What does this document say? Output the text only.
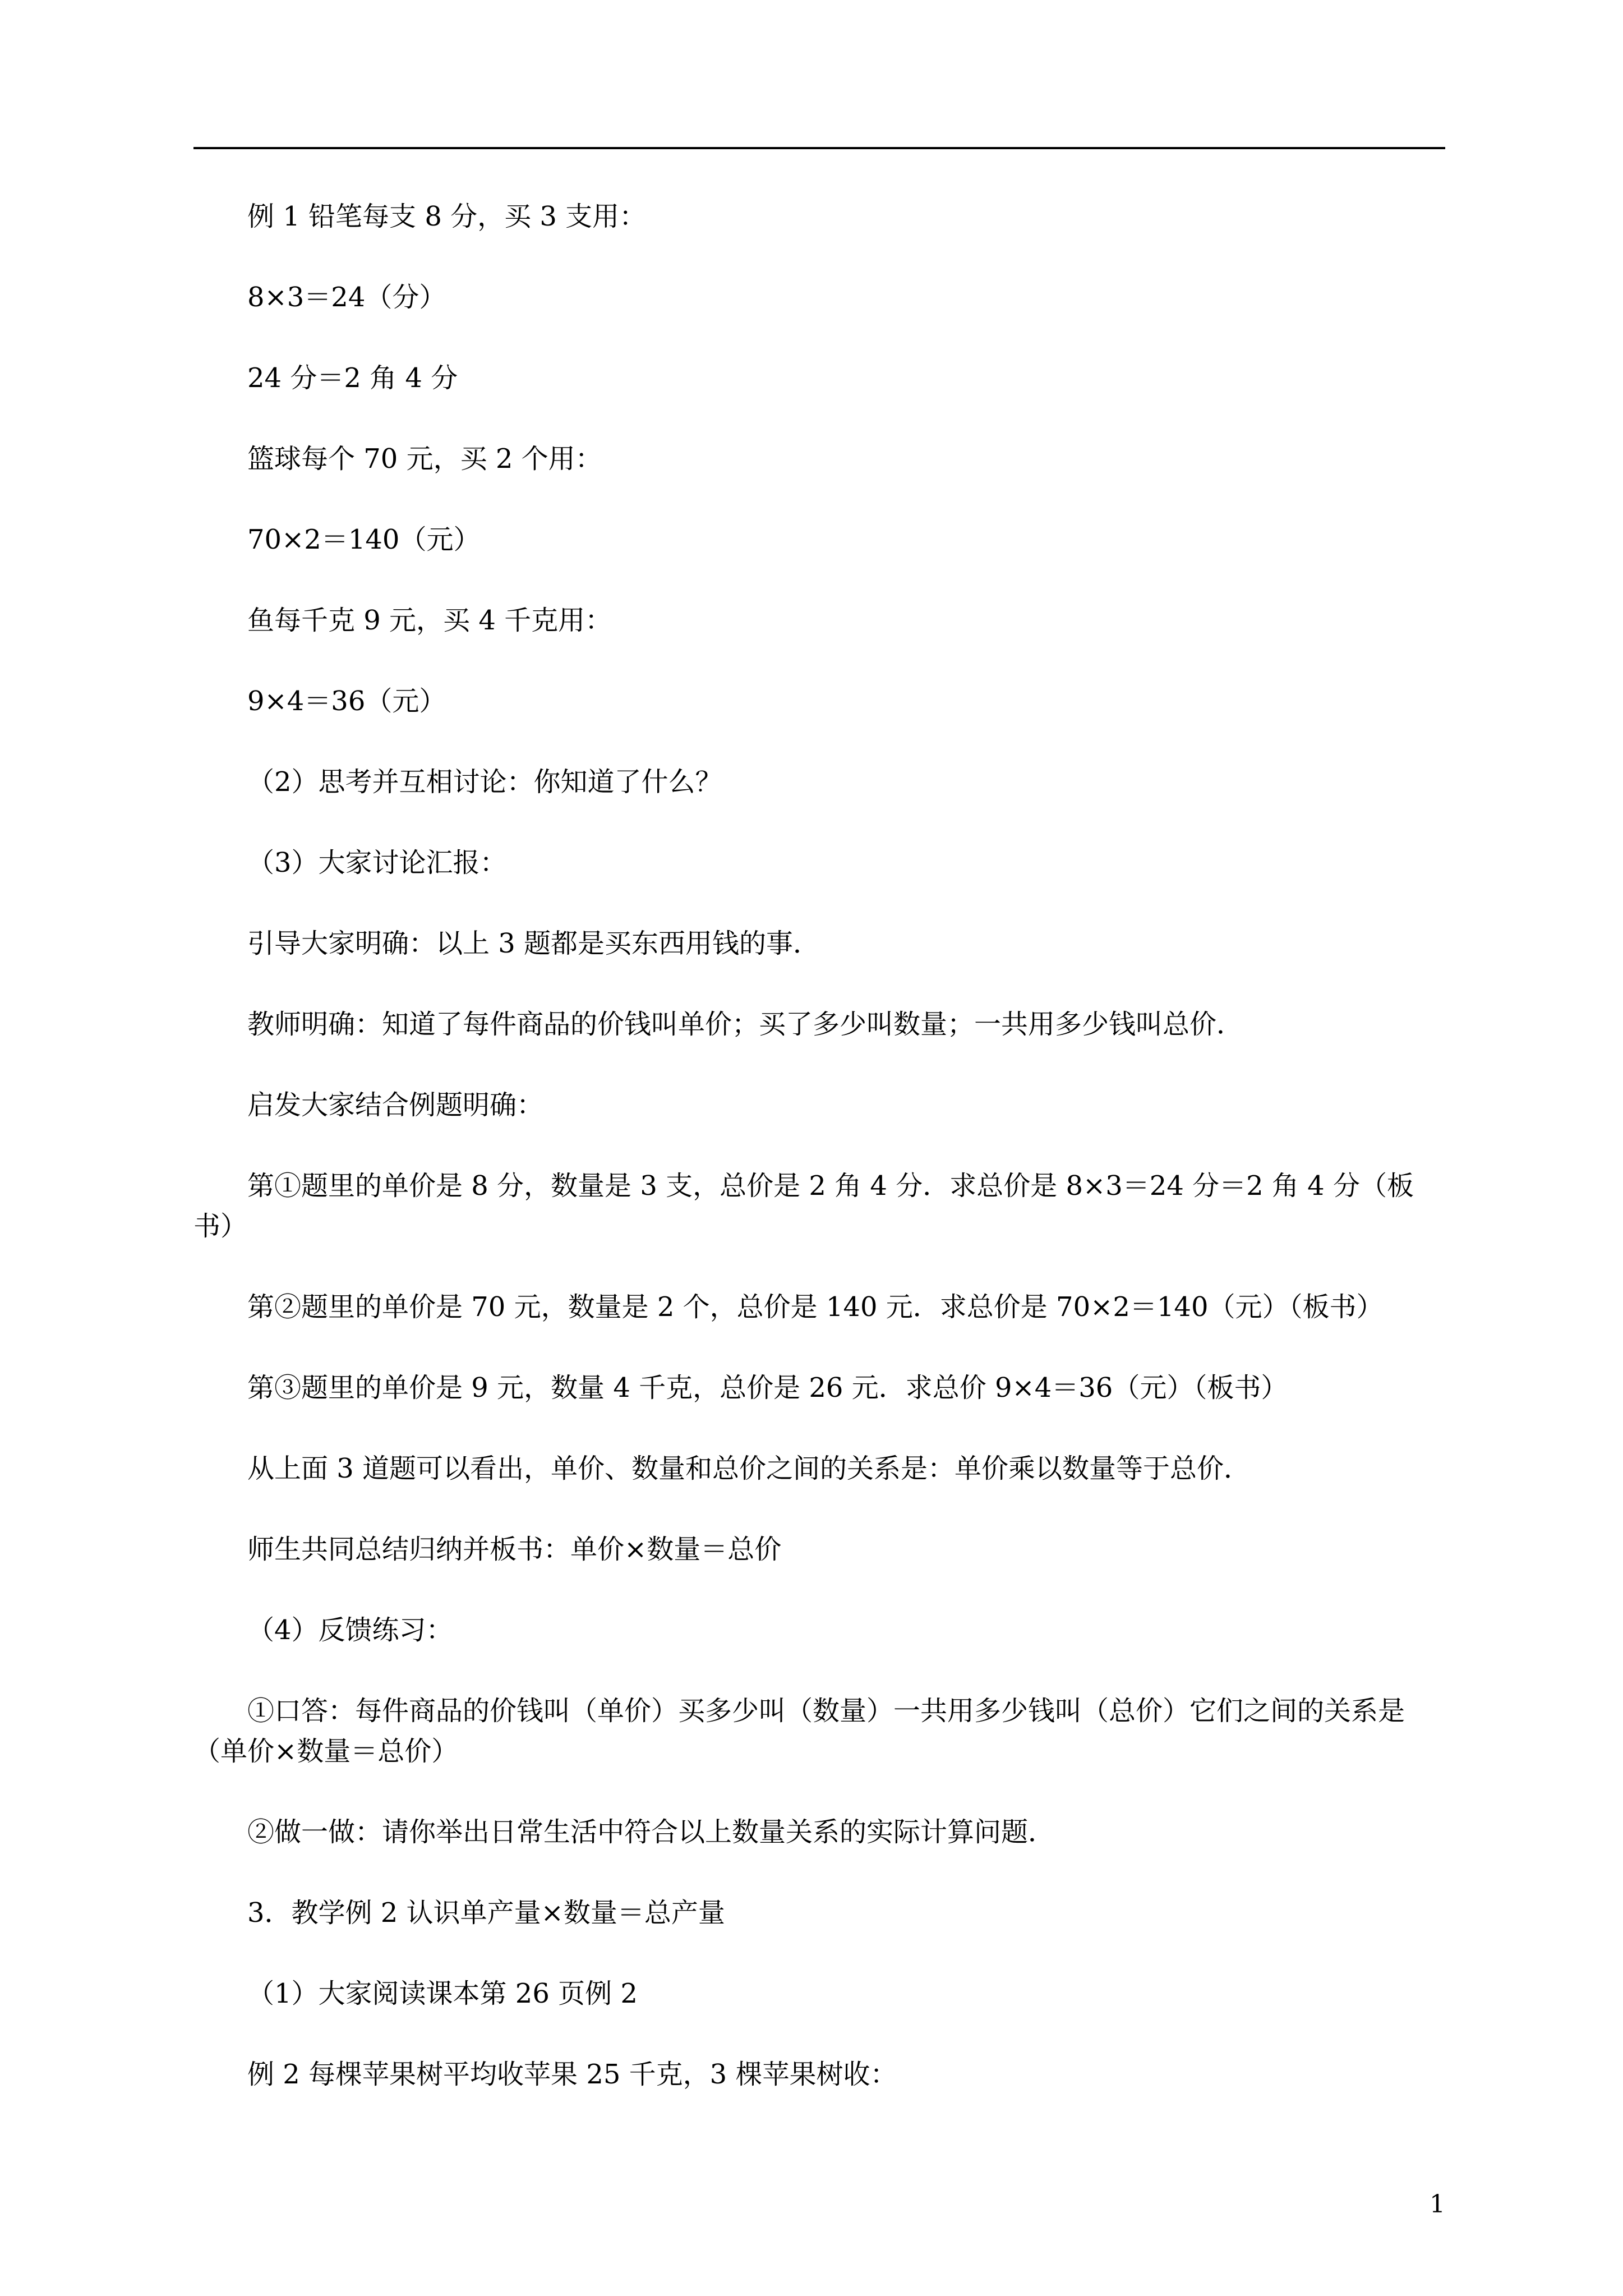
例 1 铅笔每支 8 分，买 3 支用：

8×3＝24（分）

24 分＝2 角 4 分

篮球每个 70 元，买 2 个用：

70×2＝140（元）

鱼每千克 9 元，买 4 千克用：

9×4＝36（元）

（2）思考并互相讨论：你知道了什么？

（3）大家讨论汇报：

引导大家明确：以上 3 题都是买东西用钱的事．

教师明确：知道了每件商品的价钱叫单价；买了多少叫数量；一共用多少钱叫总价．

启发大家结合例题明确：

第①题里的单价是 8 分，数量是 3 支，总价是 2 角 4 分．求总价是 8×3＝24 分＝2 角 4 分（板书）

第②题里的单价是 70 元，数量是 2 个，总价是 140 元．求总价是 70×2＝140（元）（板书）

第③题里的单价是 9 元，数量 4 千克，总价是 26 元．求总价 9×4＝36（元）（板书）

从上面 3 道题可以看出，单价、数量和总价之间的关系是：单价乘以数量等于总价．

师生共同总结归纳并板书：单价×数量＝总价

（4）反馈练习：

①口答：每件商品的价钱叫（单价）买多少叫（数量）一共用多少钱叫（总价）它们之间的关系是（单价×数量＝总价）

②做一做：请你举出日常生活中符合以上数量关系的实际计算问题．

3．教学例 2 认识单产量×数量＝总产量

（1）大家阅读课本第 26 页例 2

例 2 每棵苹果树平均收苹果 25 千克，3 棵苹果树收：

1
